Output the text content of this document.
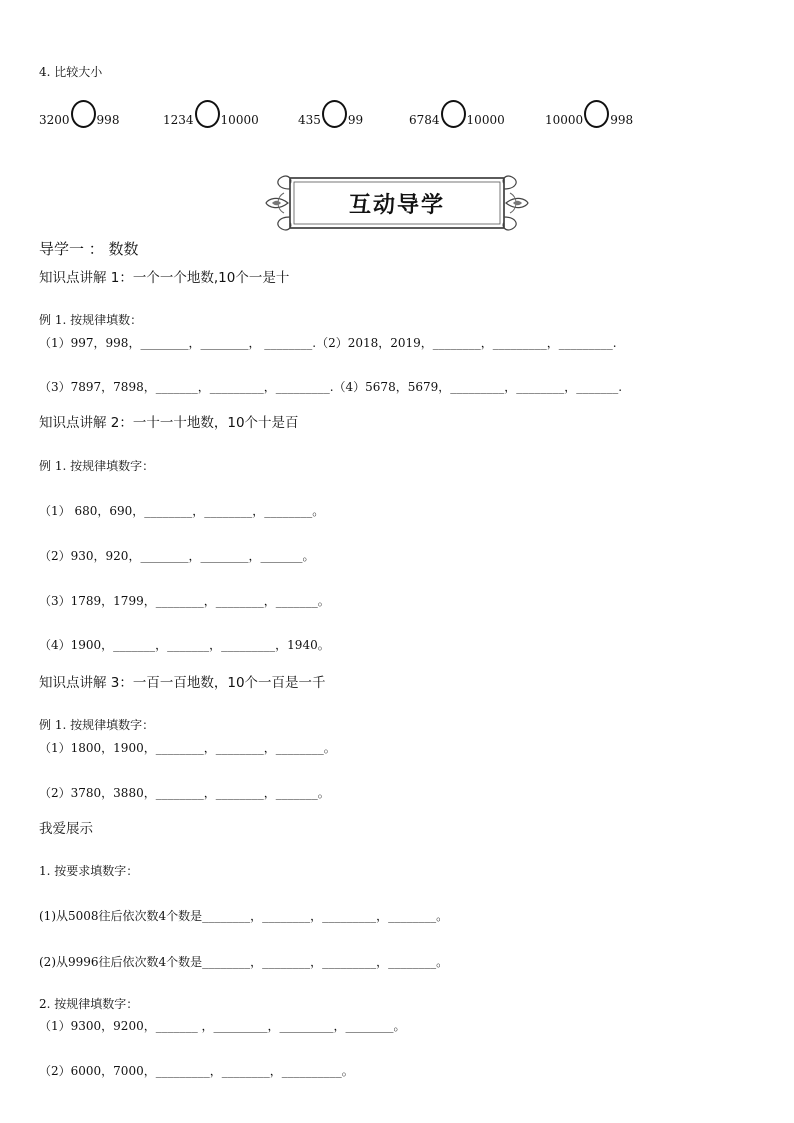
4. 比较大小
3200 998	1234 10000	435 99	6784 10000	10000 998
互动导学
导学一 ： 数数
知识点讲解 1：一个一个地数,10个一是十
例 1. 按规律填数：
（1）997，998，________，________， ________.（2）2018，2019，________，_________，_________.
（3）7897，7898，_______，_________，_________.（4）5678，5679，_________，________，_______.
知识点讲解 2：一十一十地数，10个十是百
例 1. 按规律填数字：
（1） 680，690，________，________，________。
（2）930，920，________，________，_______。
（3）1789，1799，________，________，_______。
（4）1900，_______，_______，_________，1940。
知识点讲解 3：一百一百地数，10个一百是一千
例 1. 按规律填数字：
（1）1800，1900，________，________，________。
（2）3780，3880，________，________，_______。
我爱展示
1. 按要求填数字：
(1)从5008往后依次数4个数是________，________，_________，________。
(2)从9996往后依次数4个数是________，________，_________，________。
2. 按规律填数字：
（1）9300，9200，_______ ，_________，_________，________。
（2）6000，7000，_________，________，__________。
